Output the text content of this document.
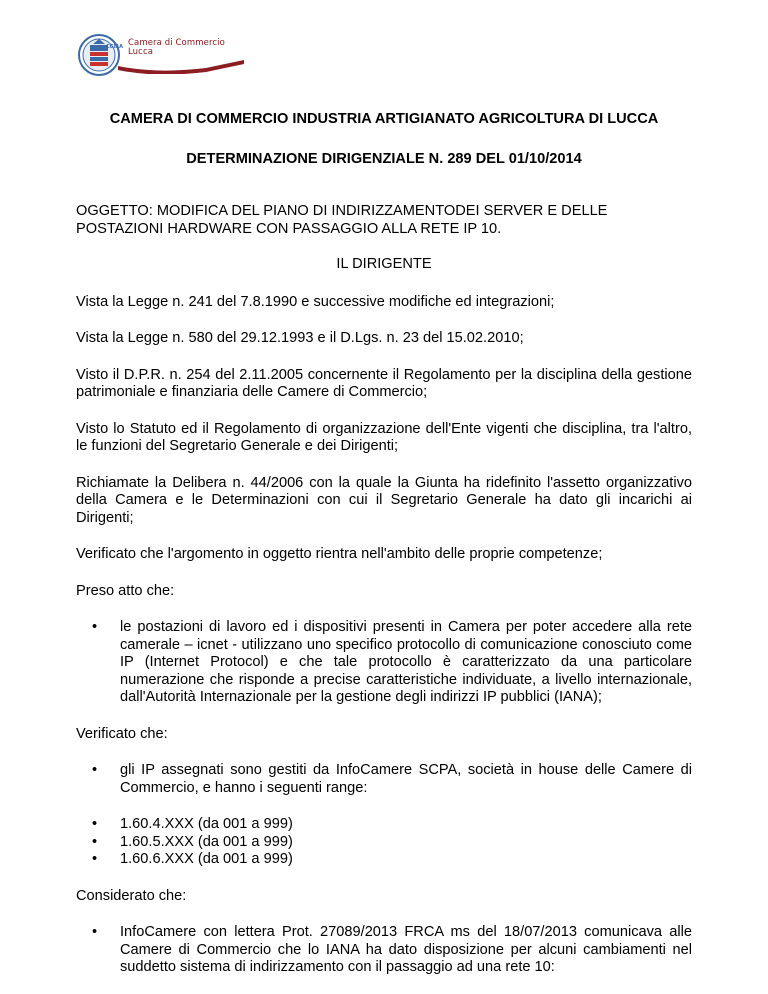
CCIAA Camera di Commercio
Lucca
CAMERA DI COMMERCIO INDUSTRIA ARTIGIANATO AGRICOLTURA DI LUCCA
DETERMINAZIONE DIRIGENZIALE N. 289 DEL 01/10/2014
OGGETTO: MODIFICA DEL PIANO DI INDIRIZZAMENTODEI SERVER E DELLE POSTAZIONI HARDWARE CON PASSAGGIO ALLA RETE IP 10.
IL DIRIGENTE
Vista la Legge n. 241 del 7.8.1990 e successive modifiche ed integrazioni;
Vista la Legge n. 580 del 29.12.1993 e il D.Lgs. n. 23 del 15.02.2010;
Visto il D.P.R. n. 254 del 2.11.2005 concernente il Regolamento per la disciplina della gestione patrimoniale e finanziaria delle Camere di Commercio;
Visto lo Statuto ed il Regolamento di organizzazione dell'Ente vigenti che disciplina, tra l'altro, le funzioni del Segretario Generale e dei Dirigenti;
Richiamate la Delibera n. 44/2006 con la quale la Giunta ha ridefinito l'assetto organizzativo della Camera e le Determinazioni con cui il Segretario Generale ha dato gli incarichi ai Dirigenti;
Verificato che l'argomento in oggetto rientra nell'ambito delle proprie competenze;
Preso atto che:
• le postazioni di lavoro ed i dispositivi presenti in Camera per poter accedere alla rete camerale – icnet - utilizzano uno specifico protocollo di comunicazione conosciuto come IP (Internet Protocol) e che tale protocollo è caratterizzato da una particolare numerazione che risponde a precise caratteristiche individuate, a livello internazionale, dall'Autorità Internazionale per la gestione degli indirizzi IP pubblici (IANA);
Verificato che:
• gli IP assegnati sono gestiti da InfoCamere SCPA, società in house delle Camere di Commercio, e hanno i seguenti range:
• 1.60.4.XXX (da 001 a 999)
• 1.60.5.XXX (da 001 a 999)
• 1.60.6.XXX (da 001 a 999)
Considerato che:
• InfoCamere con lettera Prot. 27089/2013 FRCA ms del 18/07/2013 comunicava alle Camere di Commercio che lo IANA ha dato disposizione per alcuni cambiamenti nel suddetto sistema di indirizzamento con il passaggio ad una rete 10:
